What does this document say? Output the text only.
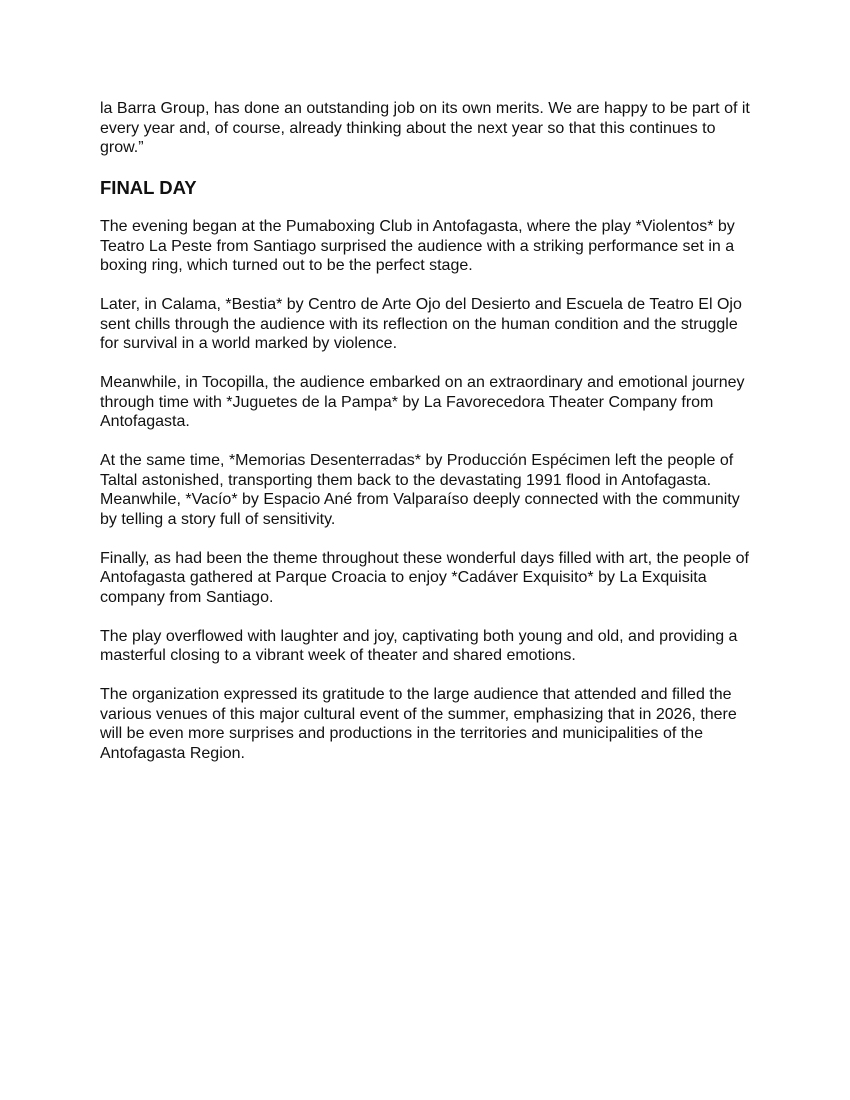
la Barra Group, has done an outstanding job on its own merits. We are happy to be part of it every year and, of course, already thinking about the next year so that this continues to grow.”

FINAL DAY

The evening began at the Pumaboxing Club in Antofagasta, where the play *Violentos* by Teatro La Peste from Santiago surprised the audience with a striking performance set in a boxing ring, which turned out to be the perfect stage.

Later, in Calama, *Bestia* by Centro de Arte Ojo del Desierto and Escuela de Teatro El Ojo sent chills through the audience with its reflection on the human condition and the struggle for survival in a world marked by violence.

Meanwhile, in Tocopilla, the audience embarked on an extraordinary and emotional journey through time with *Juguetes de la Pampa* by La Favorecedora Theater Company from Antofagasta.

At the same time, *Memorias Desenterradas* by Producción Espécimen left the people of Taltal astonished, transporting them back to the devastating 1991 flood in Antofagasta. Meanwhile, *Vacío* by Espacio Ané from Valparaíso deeply connected with the community by telling a story full of sensitivity.

Finally, as had been the theme throughout these wonderful days filled with art, the people of Antofagasta gathered at Parque Croacia to enjoy *Cadáver Exquisito* by La Exquisita company from Santiago.

The play overflowed with laughter and joy, captivating both young and old, and providing a masterful closing to a vibrant week of theater and shared emotions.

The organization expressed its gratitude to the large audience that attended and filled the various venues of this major cultural event of the summer, emphasizing that in 2026, there will be even more surprises and productions in the territories and municipalities of the Antofagasta Region.
